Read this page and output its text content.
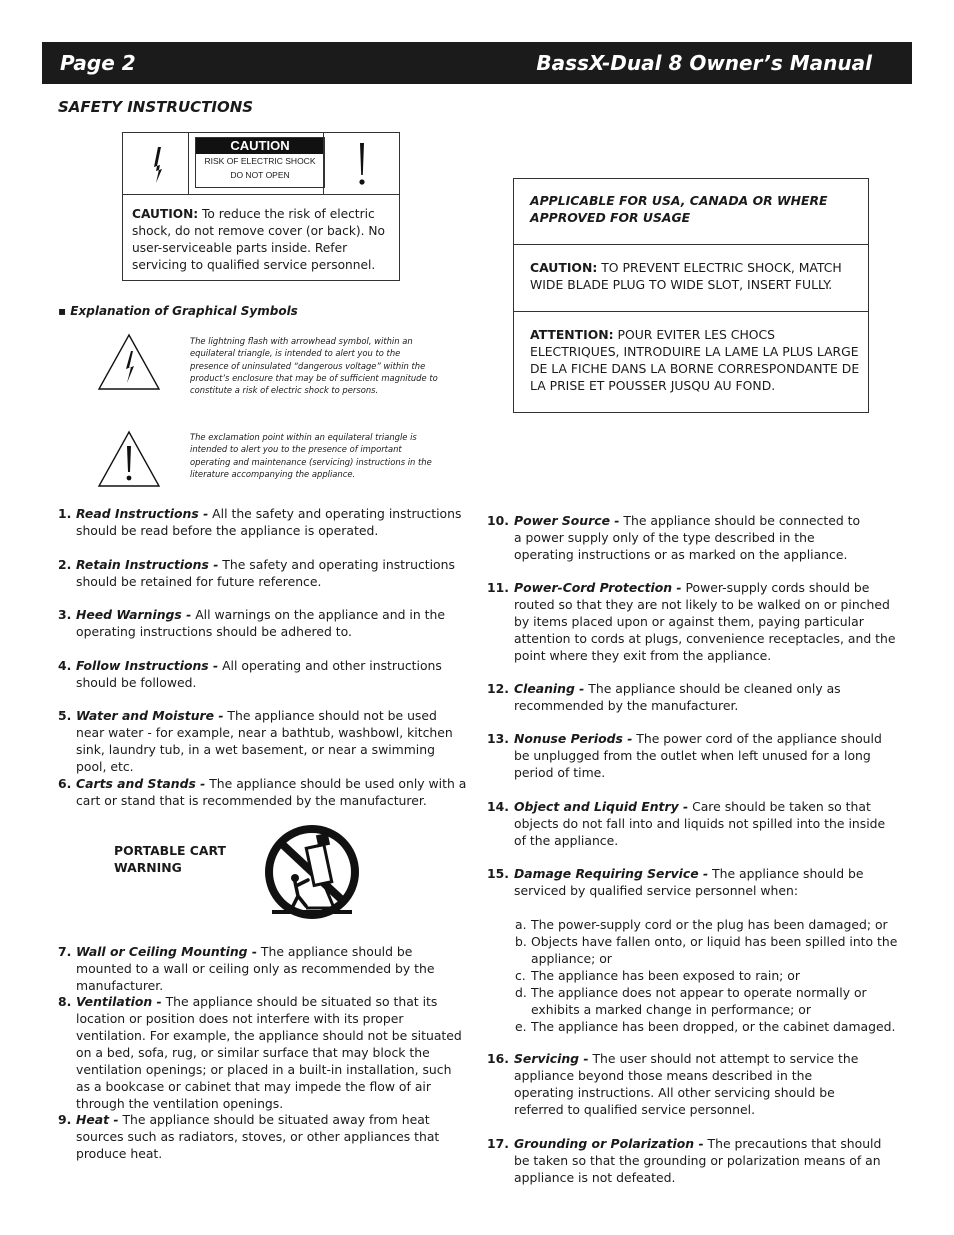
Page 2	BassX-Dual 8 Owner’s Manual
SAFETY INSTRUCTIONS
CAUTION
RISK OF ELECTRIC SHOCK
DO NOT OPEN
CAUTION: To reduce the risk of electric shock, do not remove cover (or back). No user-serviceable parts inside. Refer servicing to qualified service personnel.
▪ Explanation of Graphical Symbols
The lightning flash with arrowhead symbol, within an equilateral triangle, is intended to alert you to the presence of uninsulated “dangerous voltage” within the product’s enclosure that may be of sufficient magnitude to constitute a risk of electric shock to persons.
The exclamation point within an equilateral triangle is intended to alert you to the presence of important operating and maintenance (servicing) instructions in the literature accompanying the appliance.
1. Read Instructions - All the safety and operating instructions should be read before the appliance is operated.
2. Retain Instructions - The safety and operating instructions should be retained for future reference.
3. Heed Warnings - All warnings on the appliance and in the operating instructions should be adhered to.
4. Follow Instructions - All operating and other instructions should be followed.
5. Water and Moisture - The appliance should not be used near water - for example, near a bathtub, washbowl, kitchen sink, laundry tub, in a wet basement, or near a swimming pool, etc.
6. Carts and Stands - The appliance should be used only with a cart or stand that is recommended by the manufacturer.
7. Wall or Ceiling Mounting - The appliance should be mounted to a wall or ceiling only as recommended by the manufacturer.
8. Ventilation - The appliance should be situated so that its location or position does not interfere with its proper ventilation. For example, the appliance should not be situated on a bed, sofa, rug, or similar surface that may block the ventilation openings; or placed in a built-in installation, such as a bookcase or cabinet that may impede the flow of air through the ventilation openings.
9. Heat - The appliance should be situated away from heat sources such as radiators, stoves, or other appliances that produce heat.
PORTABLE CART WARNING
APPLICABLE FOR USA, CANADA OR WHERE APPROVED FOR USAGE
CAUTION: TO PREVENT ELECTRIC SHOCK, MATCH WIDE BLADE PLUG TO WIDE SLOT, INSERT FULLY.
ATTENTION: POUR EVITER LES CHOCS ELECTRIQUES, INTRODUIRE LA LAME LA PLUS LARGE DE LA FICHE DANS LA BORNE CORRESPONDANTE DE LA PRISE ET POUSSER JUSQU AU FOND.
10. Power Source - The appliance should be connected to a power supply only of the type described in the operating instructions or as marked on the appliance.
11. Power-Cord Protection - Power-supply cords should be routed so that they are not likely to be walked on or pinched by items placed upon or against them, paying particular attention to cords at plugs, convenience receptacles, and the point where they exit from the appliance.
12. Cleaning - The appliance should be cleaned only as recommended by the manufacturer.
13. Nonuse Periods - The power cord of the appliance should be unplugged from the outlet when left unused for a long period of time.
14. Object and Liquid Entry - Care should be taken so that objects do not fall into and liquids not spilled into the inside of the appliance.
15. Damage Requiring Service - The appliance should be serviced by qualified service personnel when:
16. Servicing - The user should not attempt to service the appliance beyond those means described in the operating instructions. All other servicing should be referred to qualified service personnel.
17. Grounding or Polarization - The precautions that should be taken so that the grounding or polarization means of an appliance is not defeated.
a. The power-supply cord or the plug has been damaged; or
b. Objects have fallen onto, or liquid has been spilled into the appliance; or
c. The appliance has been exposed to rain; or
d. The appliance does not appear to operate normally or exhibits a marked change in performance; or
e. The appliance has been dropped, or the cabinet damaged.
